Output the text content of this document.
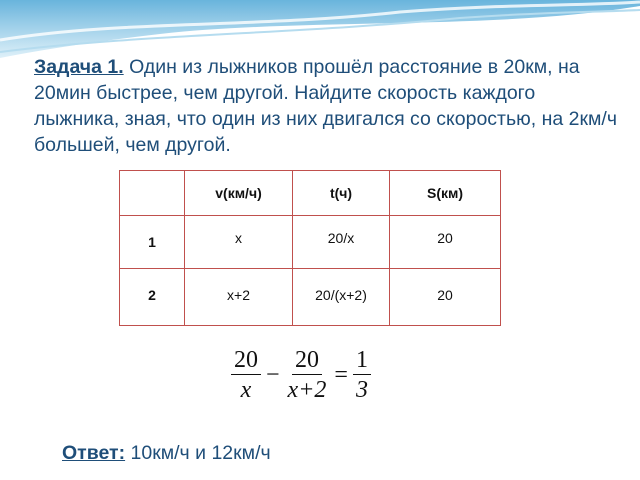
Задача 1. Один из лыжников прошёл расстояние в 20км, на 20мин быстрее, чем другой. Найдите скорость каждого лыжника, зная, что один из них двигался со скоростью, на 2км/ч большей, чем другой.

	v(км/ч)	t(ч)	S(км)

1	x	20/x	20

2	x+2	20/(x+2)	20
$\frac{20}{x} - \frac{20}{x+2} = \frac{1}{3}$
Ответ: 10км/ч и 12км/ч
